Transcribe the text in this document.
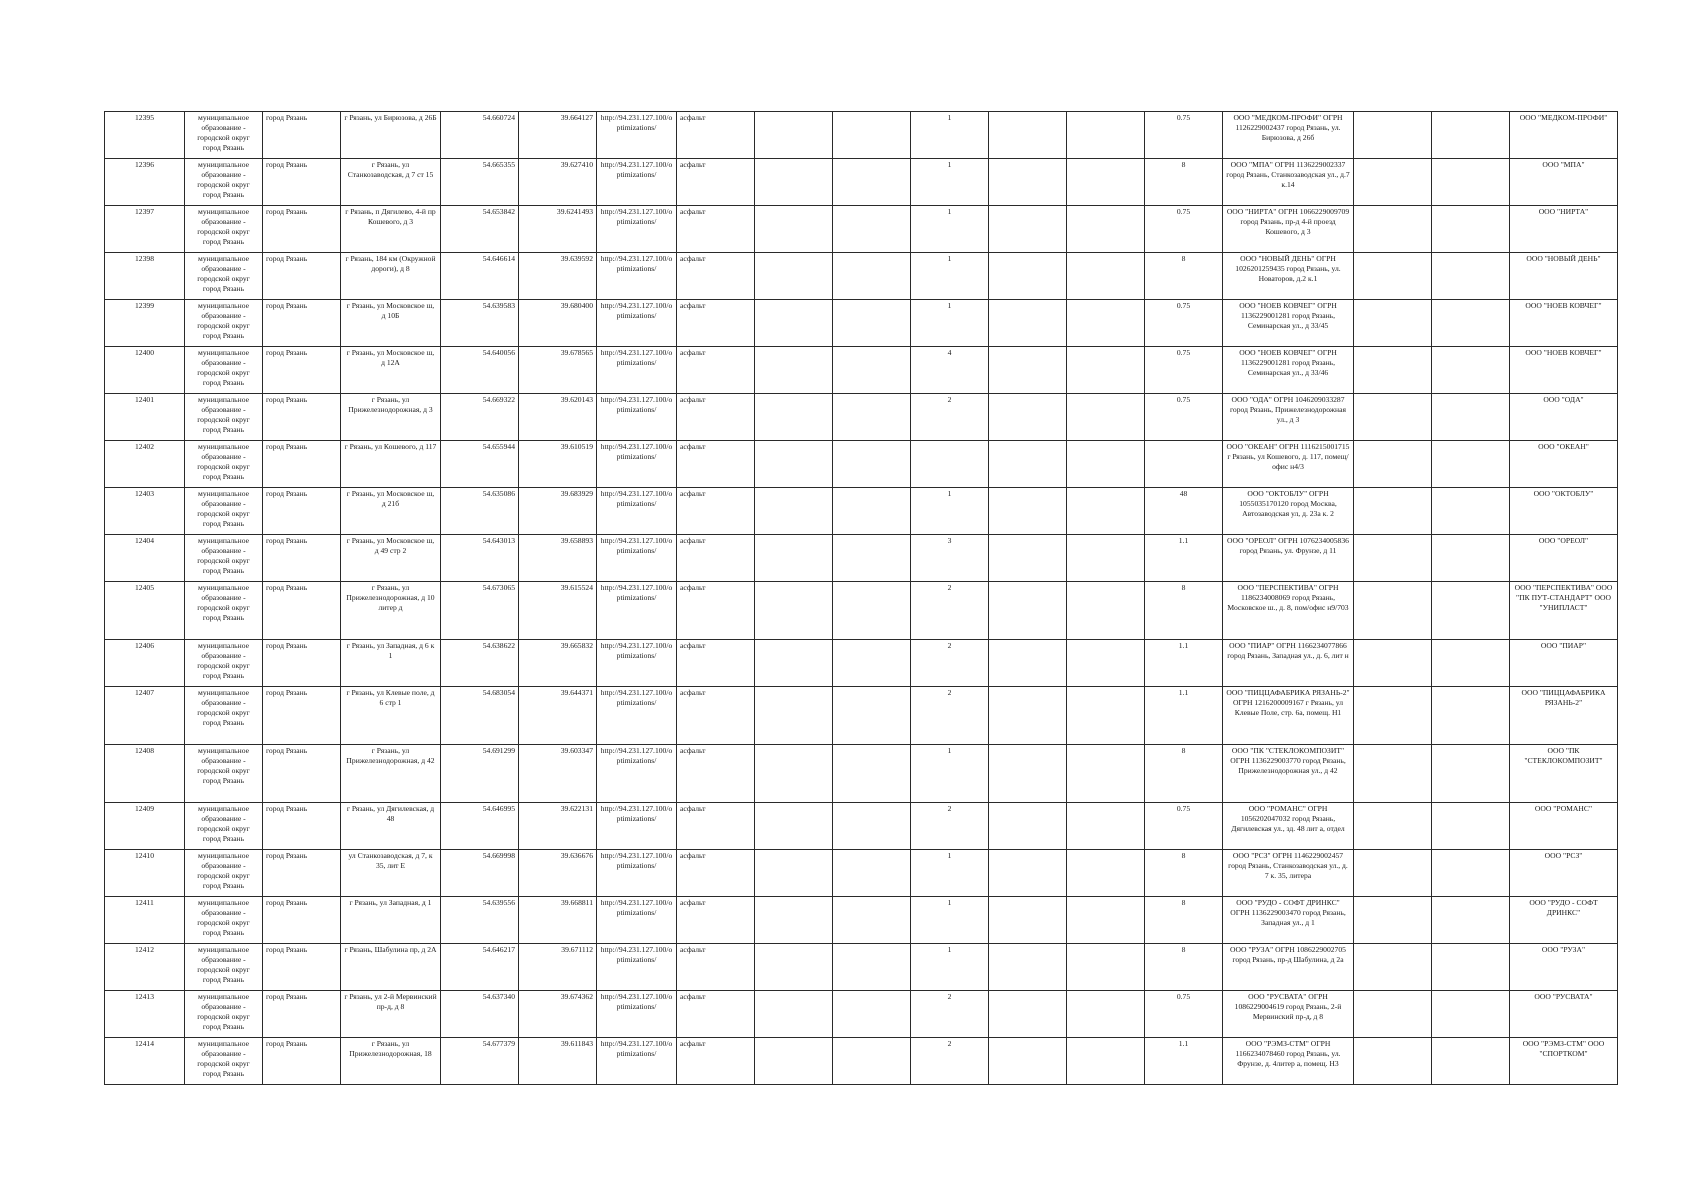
12395	муниципальное образование - городской округ город Рязань	город Рязань	г Рязань, ул Бирюзова, д 26Б	54.660724	39.664127	http://94.231.127.100/optimizations/	асфальт			1			0.75	ООО "МЕДКОМ-ПРОФИ" ОГРН 1126229002437 город Рязань, ул. Бирюзова, д 26б			ООО "МЕДКОМ-ПРОФИ"
12396	муниципальное образование - городской округ город Рязань	город Рязань	г Рязань, ул Станкозаводская, д 7 ст 15	54.665355	39.627410	http://94.231.127.100/optimizations/	асфальт			1			8	ООО "МПА" ОГРН 1136229002337 город Рязань, Станкозаводская ул., д.7 к.14			ООО "МПА"
12397	муниципальное образование - городской округ город Рязань	город Рязань	г Рязань, п Дягилево, 4-й пр Кошевого, д 3	54.653842	39.6241493	http://94.231.127.100/optimizations/	асфальт			1			0.75	ООО "НИРТА" ОГРН 1066229009709 город Рязань, пр-д 4-й проезд Кошевого, д 3			ООО "НИРТА"
12398	муниципальное образование - городской округ город Рязань	город Рязань	г Рязань, 184 км (Окружной дороги), д 8	54.646614	39.639592	http://94.231.127.100/optimizations/	асфальт			1			8	ООО "НОВЫЙ ДЕНЬ" ОГРН 1026201259435 город Рязань, ул. Новаторов, д.2 к.1			ООО "НОВЫЙ ДЕНЬ"
12399	муниципальное образование - городской округ город Рязань	город Рязань	г Рязань, ул Московское ш, д 10Б	54.639583	39.680400	http://94.231.127.100/optimizations/	асфальт			1			0.75	ООО "НОЕВ КОВЧЕГ" ОГРН 1136229001281 город Рязань, Семинарская ул., д 33/45			ООО "НОЕВ КОВЧЕГ"
12400	муниципальное образование - городской округ город Рязань	город Рязань	г Рязань, ул Московское ш, д 12А	54.640056	39.678565	http://94.231.127.100/optimizations/	асфальт			4			0.75	ООО "НОЕВ КОВЧЕГ" ОГРН 1136229001281 город Рязань, Семинарская ул., д 33/46			ООО "НОЕВ КОВЧЕГ"
12401	муниципальное образование - городской округ город Рязань	город Рязань	г Рязань, ул Прижелезнодорожная, д 3	54.669322	39.620143	http://94.231.127.100/optimizations/	асфальт			2			0.75	ООО "ОДА" ОГРН 1046209033287 город Рязань, Прижелезнодорожная ул., д 3			ООО "ОДА"
12402	муниципальное образование - городской округ город Рязань	город Рязань	г Рязань, ул Кошевого, д 117	54.655944	39.610519	http://94.231.127.100/optimizations/	асфальт							ООО "ОКЕАН" ОГРН 1116215001715 г Рязань, ул Кошевого, д. 117, помещ/офис н4/3			ООО "ОКЕАН"
12403	муниципальное образование - городской округ город Рязань	город Рязань	г Рязань, ул Московское ш, д 21б	54.635086	39.683929	http://94.231.127.100/optimizations/	асфальт			1			48	ООО "ОКТОБЛУ" ОГРН 1055035170120 город Москва, Автозаводская ул, д. 23а к. 2			ООО "ОКТОБЛУ"
12404	муниципальное образование - городской округ город Рязань	город Рязань	г Рязань, ул Московское ш, д 49 стр 2	54.643013	39.658893	http://94.231.127.100/optimizations/	асфальт			3			1.1	ООО "ОРЕОЛ" ОГРН 1076234005836 город Рязань, ул. Фрунзе, д 11			ООО "ОРЕОЛ"
12405	муниципальное образование - городской округ город Рязань	город Рязань	г Рязань, ул Прижелезнодорожная, д 10 литер д	54.673065	39.615524	http://94.231.127.100/optimizations/	асфальт			2			8	ООО "ПЕРСПЕКТИВА" ОГРН 1186234008069 город Рязань, Московское ш., д. 8, пом/офис н9/703			ООО "ПЕРСПЕКТИВА" ООО "ПК ПУТ-СТАНДАРТ" ООО "УНИПЛАСТ"
12406	муниципальное образование - городской округ город Рязань	город Рязань	г Рязань, ул Западная, д 6 к 1	54.638622	39.665832	http://94.231.127.100/optimizations/	асфальт			2			1.1	ООО "ПИАР" ОГРН 1166234077866 город Рязань, Западная ул., д. 6, лит н			ООО "ПИАР"
12407	муниципальное образование - городской округ город Рязань	город Рязань	г Рязань, ул Клевые поле, д 6 стр 1	54.683054	39.644371	http://94.231.127.100/optimizations/	асфальт			2			1.1	ООО "ПИЦЦАФАБРИКА РЯЗАНЬ-2" ОГРН 1216200009167 г Рязань, ул Клевые Поле, стр. 6а, помещ. Н1			ООО "ПИЦЦАФАБРИКА РЯЗАНЬ-2"
12408	муниципальное образование - городской округ город Рязань	город Рязань	г Рязань, ул Прижелезнодорожная, д 42	54.691299	39.603347	http://94.231.127.100/optimizations/	асфальт			1			8	ООО "ПК "СТЕКЛОКОМПОЗИТ" ОГРН 1136229003770 город Рязань, Прижелезнодорожная ул., д 42			ООО "ПК "СТЕКЛОКОМПОЗИТ"
12409	муниципальное образование - городской округ город Рязань	город Рязань	г Рязань, ул Дягилевская, д 48	54.646995	39.622131	http://94.231.127.100/optimizations/	асфальт			2			0.75	ООО "РОМАНС" ОГРН 1056202047032 город Рязань, Дягилевская ул., зд. 48 лит а, отдел			ООО "РОМАНС"
12410	муниципальное образование - городской округ город Рязань	город Рязань	ул Станкозаводская, д 7, к 35, лит Е	54.669998	39.636676	http://94.231.127.100/optimizations/	асфальт			1			8	ООО "РСЗ" ОГРН 1146229002457 город Рязань, Станкозаводская ул., д. 7 к. 35, литера			ООО "РСЗ"
12411	муниципальное образование - городской округ город Рязань	город Рязань	г Рязань, ул Западная, д 1	54.639556	39.668811	http://94.231.127.100/optimizations/	асфальт			1			8	ООО "РУДО - СОФТ ДРИНКС" ОГРН 1136229003470 город Рязань, Западная ул., д 1			ООО "РУДО - СОФТ ДРИНКС"
12412	муниципальное образование - городской округ город Рязань	город Рязань	г Рязань, Шабулина пр, д 2А	54.646217	39.671112	http://94.231.127.100/optimizations/	асфальт			1			8	ООО "РУЗА" ОГРН 1086229002705 город Рязань, пр-д Шабулина, д 2а			ООО "РУЗА"
12413	муниципальное образование - городской округ город Рязань	город Рязань	г Рязань, ул 2-й Мервинский пр-д, д 8	54.637340	39.674362	http://94.231.127.100/optimizations/	асфальт			2			0.75	ООО "РУСВАТА" ОГРН 1086229004619 город Рязань, 2-й Мервинский пр-д, д 8			ООО "РУСВАТА"
12414	муниципальное образование - городской округ город Рязань	город Рязань	г Рязань, ул Прижелезнодорожная, 18	54.677379	39.611843	http://94.231.127.100/optimizations/	асфальт			2			1.1	ООО "РЭМЗ-СТМ" ОГРН 1166234078460 город Рязань, ул. Фрунзе, д. 4литер а, помещ. Н3			ООО "РЭМЗ-СТМ" ООО "СПОРТКОМ"
